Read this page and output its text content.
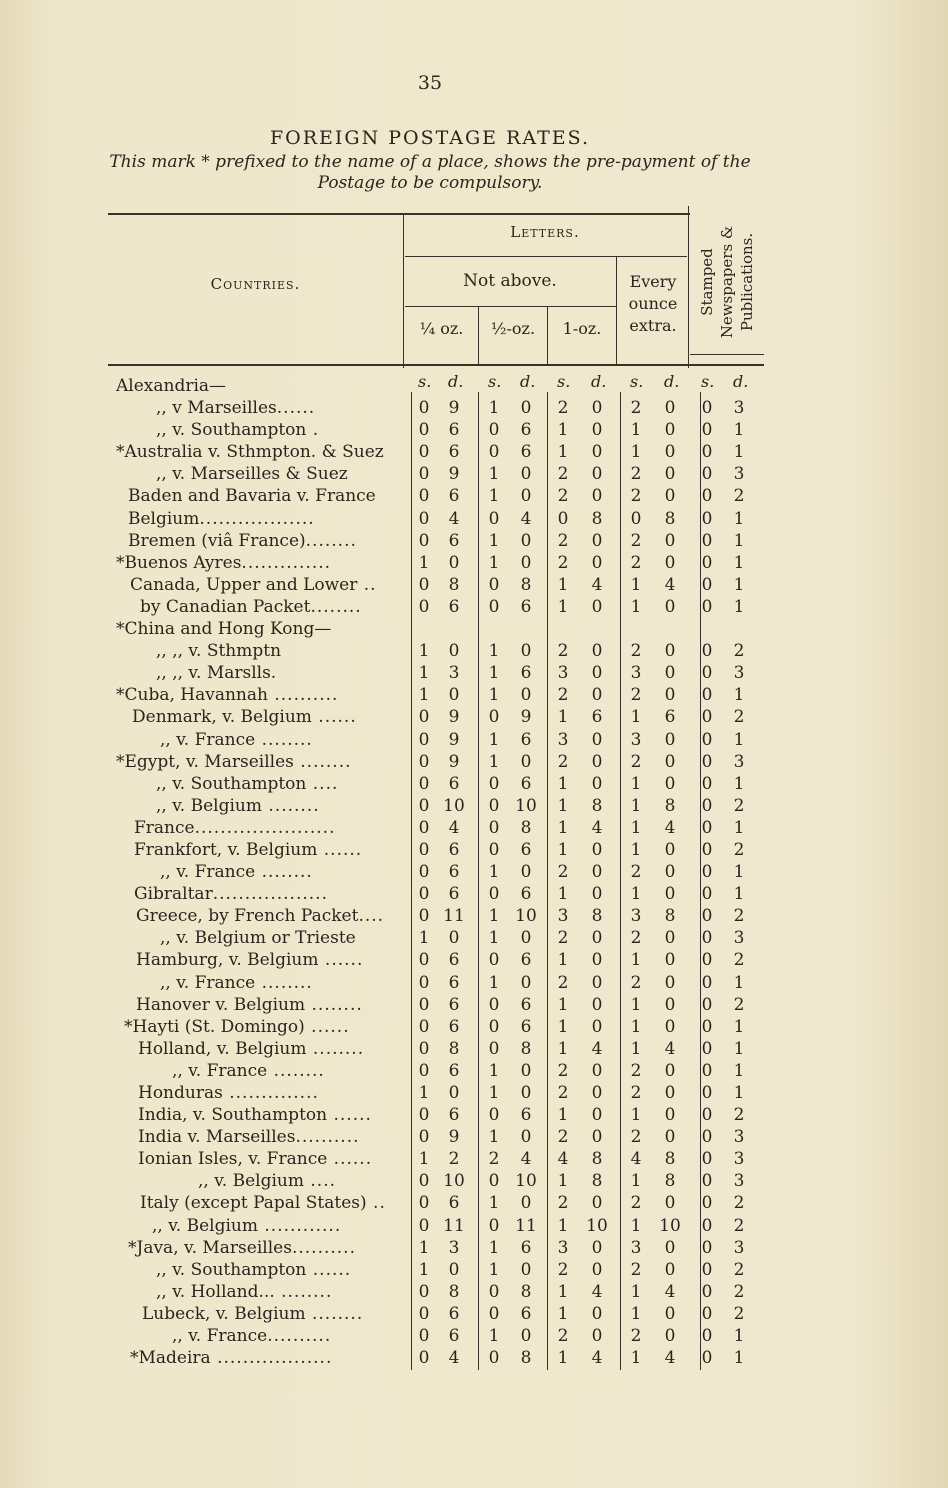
35
FOREIGN POSTAGE RATES.
This mark * prefixed to the name of a place, shows the pre-payment of the Postage to be compulsory.
Countries.
Letters.
Not above.	Every ounce extra.
¼ oz.	½-oz.	1-oz.
Stamped Newspapers & Publications.
s. d. s. d. s. d. s. d. s. d.
Alexandria—
,, v Marseilles......	0 9 1 0 2 0 2 0 0 3
,, v. Southampton .	0 6 0 6 1 0 1 0 0 1
*Australia v. Sthmpton. & Suez	0 6 0 6 1 0 1 0 0 1
,, v. Marseilles & Suez	0 9 1 0 2 0 2 0 0 3
Baden and Bavaria v. France	0 6 1 0 2 0 2 0 0 2
Belgium..................	0 4 0 4 0 8 0 8 0 1
Bremen (viâ France)........	0 6 1 0 2 0 2 0 0 1
*Buenos Ayres..............	1 0 1 0 2 0 2 0 0 1
Canada, Upper and Lower ..	0 8 0 8 1 4 1 4 0 1
by Canadian Packet........	0 6 0 6 1 0 1 0 0 1
*China and Hong Kong—
,, ,, v. Sthmptn	1 0 1 0 2 0 2 0 0 2
,, ,, v. Marslls.	1 3 1 6 3 0 3 0 0 3
*Cuba, Havannah ..........	1 0 1 0 2 0 2 0 0 1
Denmark, v. Belgium ......	0 9 0 9 1 6 1 6 0 2
,, v. France ........	0 9 1 6 3 0 3 0 0 1
*Egypt, v. Marseilles ........	0 9 1 0 2 0 2 0 0 3
,, v. Southampton ....	0 6 0 6 1 0 1 0 0 1
,, v. Belgium ........	0 10 0 10 1 8 1 8 0 2
France......................	0 4 0 8 1 4 1 4 0 1
Frankfort, v. Belgium ......	0 6 0 6 1 0 1 0 0 2
,, v. France ........	0 6 1 0 2 0 2 0 0 1
Gibraltar..................	0 6 0 6 1 0 1 0 0 1
Greece, by French Packet....	0 11 1 10 3 8 3 8 0 2
,, v. Belgium or Trieste	1 0 1 0 2 0 2 0 0 3
Hamburg, v. Belgium ......	0 6 0 6 1 0 1 0 0 2
,, v. France ........	0 6 1 0 2 0 2 0 0 1
Hanover v. Belgium ........	0 6 0 6 1 0 1 0 0 2
*Hayti (St. Domingo) ......	0 6 0 6 1 0 1 0 0 1
Holland, v. Belgium ........	0 8 0 8 1 4 1 4 0 1
,, v. France ........	0 6 1 0 2 0 2 0 0 1
Honduras ..............	1 0 1 0 2 0 2 0 0 1
India, v. Southampton ......	0 6 0 6 1 0 1 0 0 2
India v. Marseilles..........	0 9 1 0 2 0 2 0 0 3
Ionian Isles, v. France ......	1 2 2 4 4 8 4 8 0 3
,, v. Belgium ....	0 10 0 10 1 8 1 8 0 3
Italy (except Papal States) ..	0 6 1 0 2 0 2 0 0 2
,, v. Belgium ............	0 11 0 11 1 10 1 10 0 2
*Java, v. Marseilles..........	1 3 1 6 3 0 3 0 0 3
,, v. Southampton ......	1 0 1 0 2 0 2 0 0 2
,, v. Holland... ........	0 8 0 8 1 4 1 4 0 2
Lubeck, v. Belgium ........	0 6 0 6 1 0 1 0 0 2
,, v. France..........	0 6 1 0 2 0 2 0 0 1
*Madeira ..................	0 4 0 8 1 4 1 4 0 1
